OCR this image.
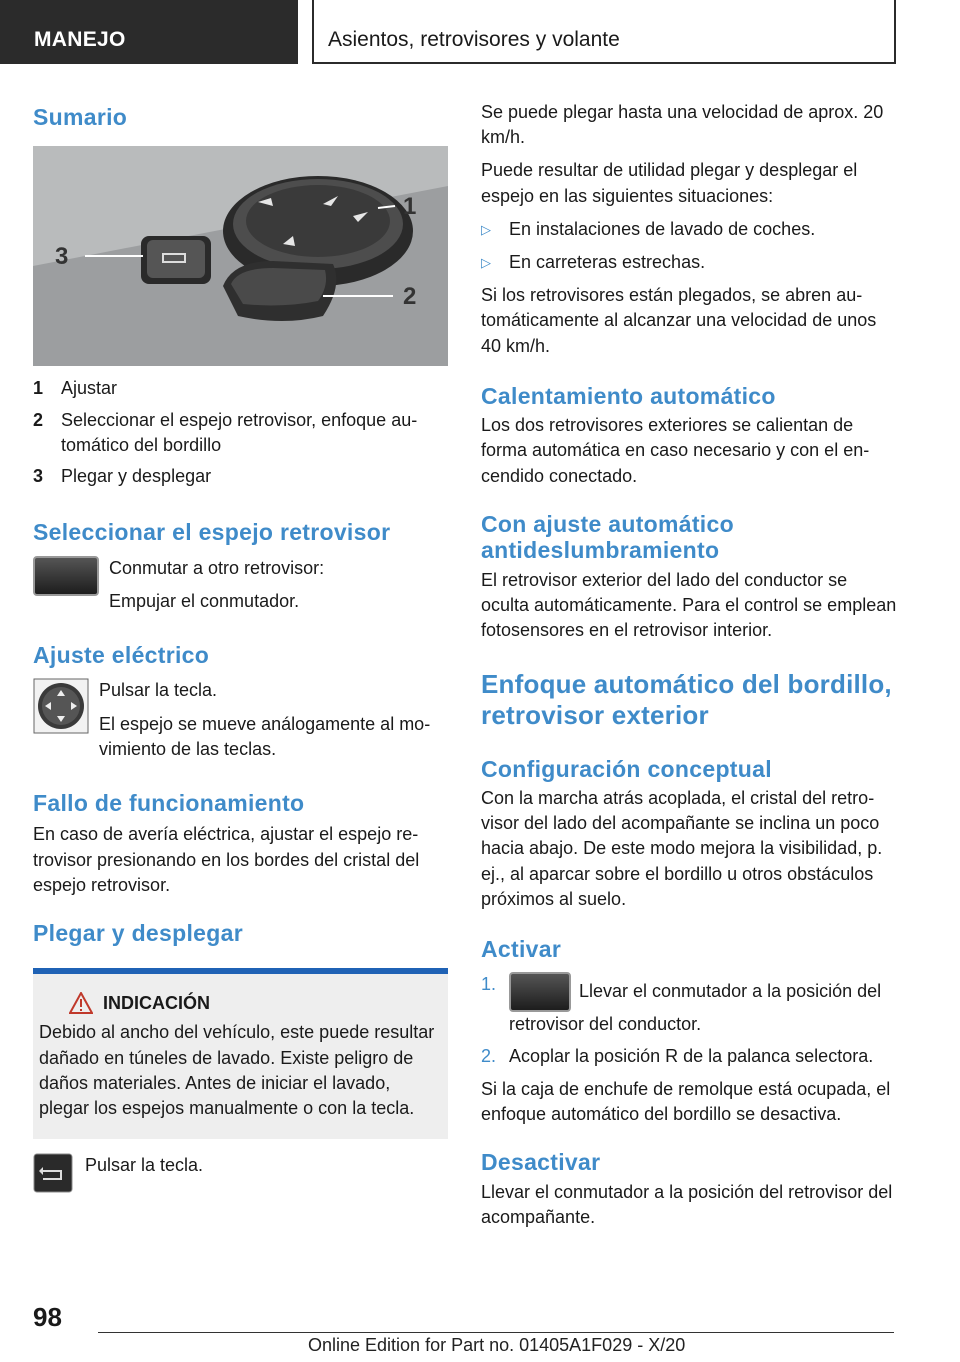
MANEJO	Asientos, retrovisores y volante
Sumario
1
2
3
1 Ajustar
2 Seleccionar el espejo retrovisor, enfoque automático del bordillo
3 Plegar y desplegar
Seleccionar el espejo retrovisor

Conmutar a otro retrovisor:

Empujar el conmutador.

Ajuste eléctrico

Pulsar la tecla.

El espejo se mueve análogamente al movimiento de las teclas.

Fallo de funcionamiento

En caso de avería eléctrica, ajustar el espejo retrovisor presionando en los bordes del cristal del espejo retrovisor.

Plegar y desplegar
INDICACIÓN

Debido al ancho del vehículo, este puede resultar dañado en túneles de lavado. Existe peligro de daños materiales. Antes de iniciar el lavado, plegar los espejos manualmente o con la tecla.

Pulsar la tecla.

Se puede plegar hasta una velocidad de aprox. 20 km/h.

Puede resultar de utilidad plegar y desplegar el espejo en las siguientes situaciones:

▷	En instalaciones de lavado de coches.
▷	En carreteras estrechas.

Si los retrovisores están plegados, se abren automáticamente al alcanzar una velocidad de unos 40 km/h.

Calentamiento automático

Los dos retrovisores exteriores se calientan de forma automática en caso necesario y con el encendido conectado.

Con ajuste automático antideslumbramiento

El retrovisor exterior del lado del conductor se oculta automáticamente. Para el control se emplean fotosensores en el retrovisor interior.

Enfoque automático del bordillo, retrovisor exterior
Configuración conceptual

Con la marcha atrás acoplada, el cristal del retrovisor del lado del acompañante se inclina un poco hacia abajo. De este modo mejora la visibilidad, p. ej., al aparcar sobre el bordillo u otros obstáculos próximos al suelo.

Activar
1.	Llevar el conmutador a la posición del retrovisor del conductor.
2. Acoplar la posición R de la palanca selectora.

Si la caja de enchufe de remolque está ocupada, el enfoque automático del bordillo se desactiva.

Desactivar

Llevar el conmutador a la posición del retrovisor del acompañante.

98
Online Edition for Part no. 01405A1F029 - X/20
